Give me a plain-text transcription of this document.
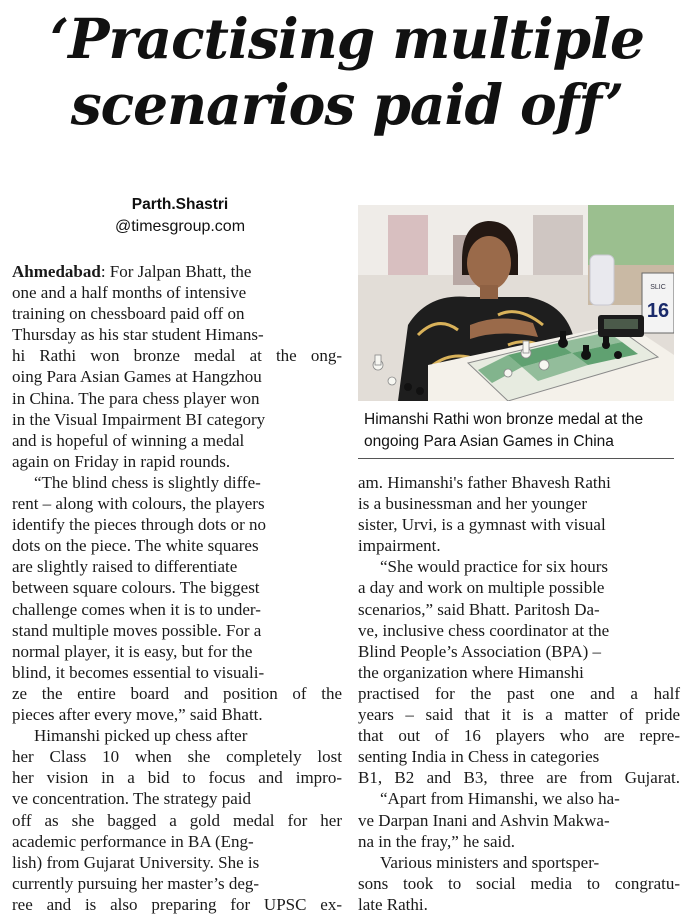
‘Practising multiple
scenarios paid off’
Parth.Shastri
@timesgroup.com
16
SLIC
Himanshi Rathi won bronze medal at the
ongoing Para Asian Games in China
Ahmedabad: For Jalpan Bhatt, the
one and a half months of intensive
training on chessboard paid off on
Thursday as his star student Himans-
hi Rathi won bronze medal at the ong-
oing Para Asian Games at Hangzhou
in China. The para chess player won
in the Visual Impairment BI category
and is hopeful of winning a medal
again on Friday in rapid rounds.
“The blind chess is slightly diffe-
rent – along with colours, the players
identify the pieces through dots or no
dots on the piece. The white squares
are slightly raised to differentiate
between square colours. The biggest
challenge comes when it is to under-
stand multiple moves possible. For a
normal player, it is easy, but for the
blind, it becomes essential to visuali-
ze the entire board and position of the
pieces after every move,” said Bhatt.
Himanshi picked up chess after
her Class 10 when she completely lost
her vision in a bid to focus and impro-
ve concentration. The strategy paid
off as she bagged a gold medal for her
academic performance in BA (Eng-
lish) from Gujarat University. She is
currently pursuing her master’s deg-
ree and is also preparing for UPSC ex-
am. Himanshi's father Bhavesh Rathi
is a businessman and her younger
sister, Urvi, is a gymnast with visual
impairment.
“She would practice for six hours
a day and work on multiple possible
scenarios,” said Bhatt. Paritosh Da-
ve, inclusive chess coordinator at the
Blind People’s Association (BPA) –
the organization where Himanshi
practised for the past one and a half
years – said that it is a matter of pride
that out of 16 players who are repre-
senting India in Chess in categories
B1, B2 and B3, three are from Gujarat.
“Apart from Himanshi, we also ha-
ve Darpan Inani and Ashvin Makwa-
na in the fray,” he said.
Various ministers and sportsper-
sons took to social media to congratu-
late Rathi.
